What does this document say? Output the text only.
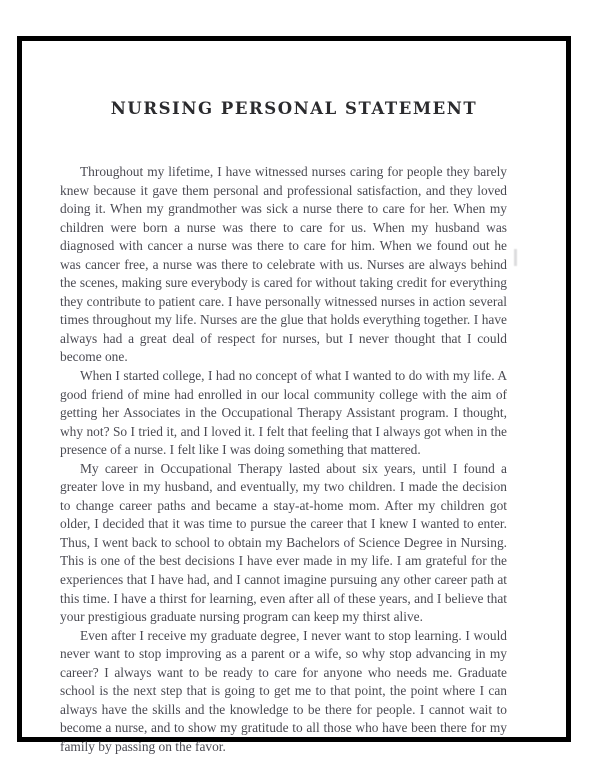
NURSING PERSONAL STATEMENT

Throughout my lifetime, I have witnessed nurses caring for people they barely knew because it gave them personal and professional satisfaction, and they loved doing it. When my grandmother was sick a nurse there to care for her. When my children were born a nurse was there to care for us. When my husband was diagnosed with cancer a nurse was there to care for him. When we found out he was cancer free, a nurse was there to celebrate with us. Nurses are always behind the scenes, making sure everybody is cared for without taking credit for everything they contribute to patient care. I have personally witnessed nurses in action several times throughout my life. Nurses are the glue that holds everything together. I have always had a great deal of respect for nurses, but I never thought that I could become one.

When I started college, I had no concept of what I wanted to do with my life. A good friend of mine had enrolled in our local community college with the aim of getting her Associates in the Occupational Therapy Assistant program. I thought, why not? So I tried it, and I loved it. I felt that feeling that I always got when in the presence of a nurse. I felt like I was doing something that mattered.

My career in Occupational Therapy lasted about six years, until I found a greater love in my husband, and eventually, my two children. I made the decision to change career paths and became a stay-at-home mom. After my children got older, I decided that it was time to pursue the career that I knew I wanted to enter. Thus, I went back to school to obtain my Bachelors of Science Degree in Nursing. This is one of the best decisions I have ever made in my life. I am grateful for the experiences that I have had, and I cannot imagine pursuing any other career path at this time. I have a thirst for learning, even after all of these years, and I believe that your prestigious graduate nursing program can keep my thirst alive.

Even after I receive my graduate degree, I never want to stop learning. I would never want to stop improving as a parent or a wife, so why stop advancing in my career? I always want to be ready to care for anyone who needs me. Graduate school is the next step that is going to get me to that point, the point where I can always have the skills and the knowledge to be there for people. I cannot wait to become a nurse, and to show my gratitude to all those who have been there for my family by passing on the favor.
